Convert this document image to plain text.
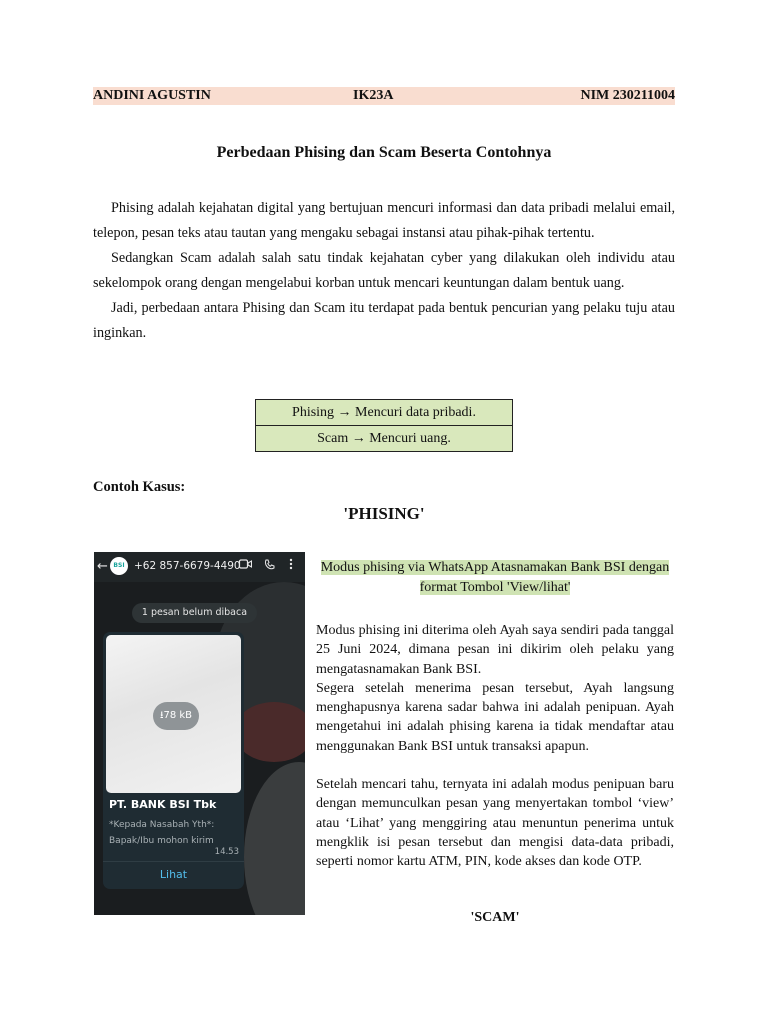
ANDINI AGUSTIN	IK23A	NIM 230211004
Perbedaan Phising dan Scam Beserta Contohnya

Phising adalah kejahatan digital yang bertujuan mencuri informasi dan data pribadi melalui email, telepon, pesan teks atau tautan yang mengaku sebagai instansi atau pihak-pihak tertentu.

Sedangkan Scam adalah salah satu tindak kejahatan cyber yang dilakukan oleh individu atau sekelompok orang dengan mengelabui korban untuk mencari keuntungan dalam bentuk uang.

Jadi, perbedaan antara Phising dan Scam itu terdapat pada bentuk pencurian yang pelaku tuju atau inginkan.

Phising → Mencuri data pribadi.
Scam → Mencuri uang.
Contoh Kasus:
'PHISING'
← BSI +62 857-6679-4490
1 pesan belum dibaca
⭳78 kB
PT. BANK BSI Tbk
*Kepada Nasabah Yth*:
Bapak/Ibu mohon kirim
14.53
Lihat
Modus phising via WhatsApp Atasnamakan Bank BSI dengan format Tombol 'View/lihat'

Modus phising ini diterima oleh Ayah saya sendiri pada tanggal 25 Juni 2024, dimana pesan ini dikirim oleh pelaku yang mengatasnamakan Bank BSI.

Segera setelah menerima pesan tersebut, Ayah langsung menghapusnya karena sadar bahwa ini adalah penipuan. Ayah mengetahui ini adalah phising karena ia tidak mendaftar atau menggunakan Bank BSI untuk transaksi apapun.

Setelah mencari tahu, ternyata ini adalah modus penipuan baru dengan memunculkan pesan yang menyertakan tombol ‘view’ atau ‘Lihat’ yang menggiring atau menuntun penerima untuk mengklik isi pesan tersebut dan mengisi data-data pribadi, seperti nomor kartu ATM, PIN, kode akses dan kode OTP.

'SCAM'
